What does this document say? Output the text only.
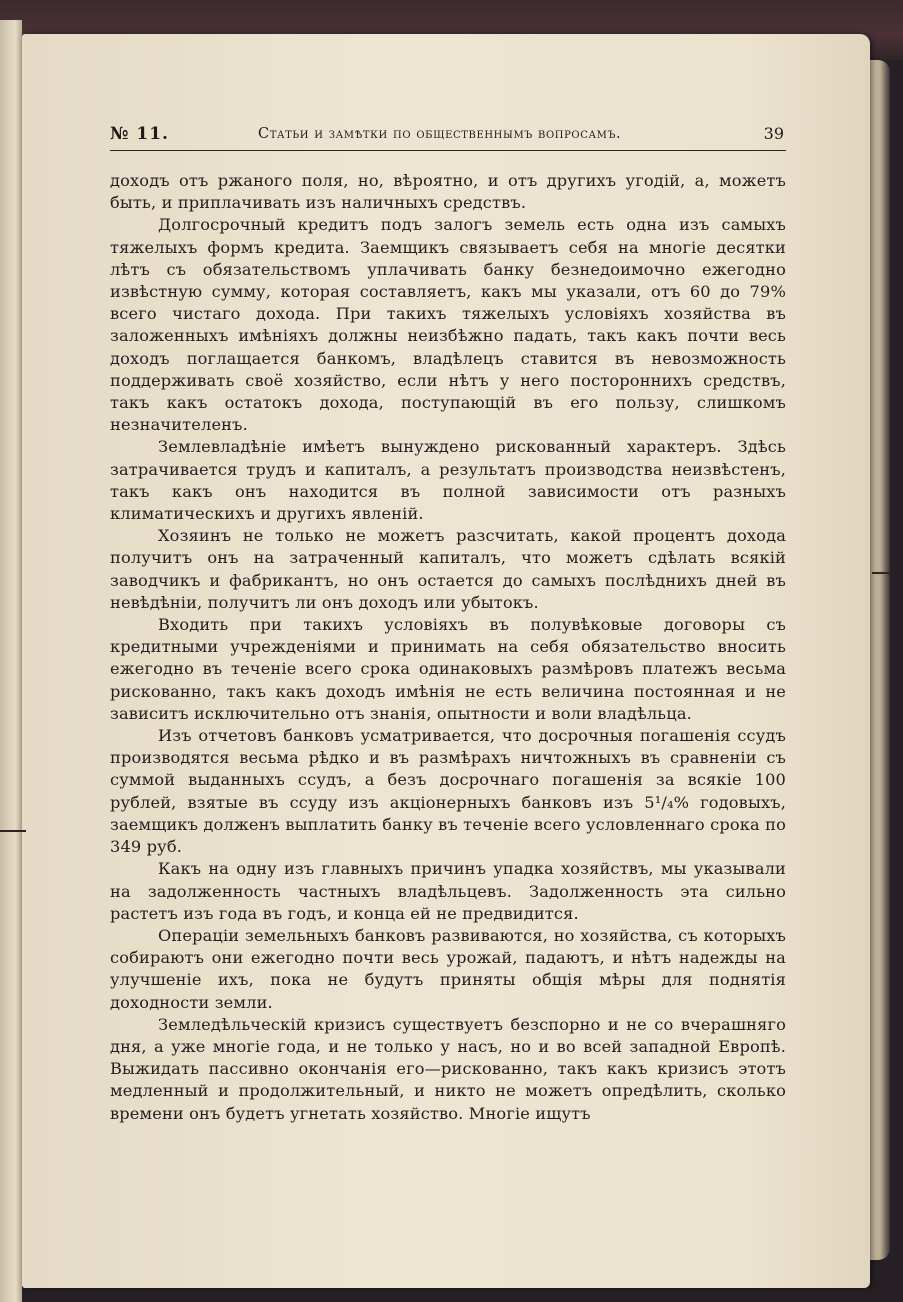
№ 11.	Статьи и замѣтки по общественнымъ вопросамъ.	39

доходъ отъ ржаного поля, но, вѣроятно, и отъ другихъ угодій, а, можетъ быть, и приплачивать изъ наличныхъ средствъ.

Долгосрочный кредитъ подъ залогъ земель есть одна изъ самыхъ тяжелыхъ формъ кредита. Заемщикъ связываетъ себя на многіе десятки лѣтъ съ обязательствомъ уплачивать банку безнедоимочно ежегодно извѣстную сумму, которая составляетъ, какъ мы указали, отъ 60 до 79% всего чистаго дохода. При такихъ тяжелыхъ условіяхъ хозяйства въ заложенныхъ имѣніяхъ должны неизбѣжно падать, такъ какъ почти весь доходъ поглащается банкомъ, владѣлецъ ставится въ невозможность поддерживать своё хозяйство, если нѣтъ у него постороннихъ средствъ, такъ какъ остатокъ дохода, поступающій въ его пользу, слишкомъ незначителенъ.

Землевладѣніе имѣетъ вынуждено рискованный характеръ. Здѣсь затрачивается трудъ и капиталъ, а результатъ производства неизвѣстенъ, такъ какъ онъ находится въ полной зависимости отъ разныхъ климатическихъ и другихъ явленій.

Хозяинъ не только не можетъ разсчитать, какой процентъ дохода получитъ онъ на затраченный капиталъ, что можетъ сдѣлать всякій заводчикъ и фабрикантъ, но онъ остается до самыхъ послѣднихъ дней въ невѣдѣніи, получитъ ли онъ доходъ или убытокъ.

Входить при такихъ условіяхъ въ полувѣковые договоры съ кредитными учрежденіями и принимать на себя обязательство вносить ежегодно въ теченіе всего срока одинаковыхъ размѣровъ платежъ весьма рискованно, такъ какъ доходъ имѣнія не есть величина постоянная и не зависитъ исключительно отъ знанія, опытности и воли владѣльца.

Изъ отчетовъ банковъ усматривается, что досрочныя погашенія ссудъ производятся весьма рѣдко и въ размѣрахъ ничтожныхъ въ сравненіи съ суммой выданныхъ ссудъ, а безъ досрочнаго погашенія за всякіе 100 рублей, взятые въ ссуду изъ акціонерныхъ банковъ изъ 5¹/₄% годовыхъ, заемщикъ долженъ выплатить банку въ теченіе всего условленнаго срока по 349 руб.

Какъ на одну изъ главныхъ причинъ упадка хозяйствъ, мы указывали на задолженность частныхъ владѣльцевъ. Задолженность эта сильно растетъ изъ года въ годъ, и конца ей не предвидится.

Операціи земельныхъ банковъ развиваются, но хозяйства, съ которыхъ собираютъ они ежегодно почти весь урожай, падаютъ, и нѣтъ надежды на улучшеніе ихъ, пока не будутъ приняты общія мѣры для поднятія доходности земли.

Земледѣльческій кризисъ существуетъ безспорно и не со вчерашняго дня, а уже многіе года, и не только у насъ, но и во всей западной Европѣ. Выжидать пассивно окончанія его—рискованно, такъ какъ кризисъ этотъ медленный и продолжительный, и никто не можетъ опредѣлить, сколько времени онъ будетъ угнетать хозяйство. Многіе ищутъ
